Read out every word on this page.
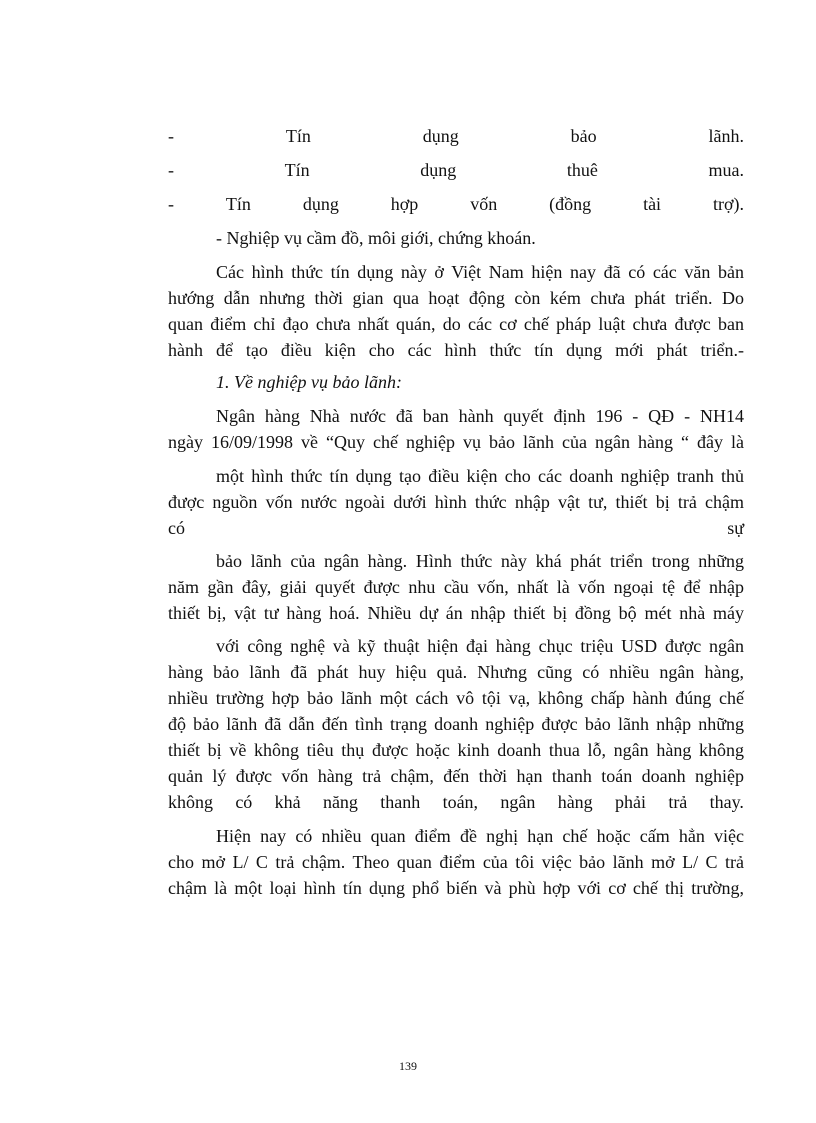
-	Tín	dụng	bảo	lãnh.
-	Tín	dụng	thuê	mua.
-	Tín	dụng	hợp	vốn	(đồng	tài	trợ).
- Nghiệp vụ cầm đồ, môi giới, chứng khoán.
Các hình thức tín dụng này ở Việt Nam hiện nay đã có các văn bản
hướng dẫn nhưng thời gian qua hoạt động còn kém chưa phát triển. Do
quan điểm chỉ đạo chưa nhất quán, do các cơ chế pháp luật chưa được ban
hành để tạo điều kiện cho các hình thức tín dụng mới phát triển.-
1. Về nghiệp vụ bảo lãnh:
Ngân hàng Nhà nước đã ban hành quyết định 196 - QĐ - NH14
ngày 16/09/1998 về “Quy chế nghiệp vụ bảo lãnh của ngân hàng “ đây là
một hình thức tín dụng tạo điều kiện cho các doanh nghiệp tranh thủ
được nguồn vốn nước ngoài dưới hình thức nhập vật tư, thiết bị trả chậm
có	sự
bảo lãnh của ngân hàng. Hình thức này khá phát triển trong những
năm gần đây, giải quyết được nhu cầu vốn, nhất là vốn ngoại tệ để nhập
thiết bị, vật tư hàng hoá. Nhiều dự án nhập thiết bị đồng bộ mét nhà máy
với công nghệ và kỹ thuật hiện đại hàng chục triệu USD được ngân
hàng bảo lãnh đã phát huy hiệu quả. Nhưng cũng có nhiều ngân hàng,
nhiều trường hợp bảo lãnh một cách vô tội vạ, không chấp hành đúng chế
độ bảo lãnh đã dẫn đến tình trạng doanh nghiệp được bảo lãnh nhập những
thiết bị về không tiêu thụ được hoặc kinh doanh thua lỗ, ngân hàng không
quản lý được vốn hàng trả chậm, đến thời hạn thanh toán doanh nghiệp
không có khả năng thanh toán, ngân hàng phải trả thay.
Hiện nay có nhiều quan điểm đề nghị hạn chế hoặc cấm hẳn việc
cho mở L/ C trả chậm. Theo quan điểm của tôi việc bảo lãnh mở L/ C trả
chậm là một loại hình tín dụng phổ biến và phù hợp với cơ chế thị trường,
139
